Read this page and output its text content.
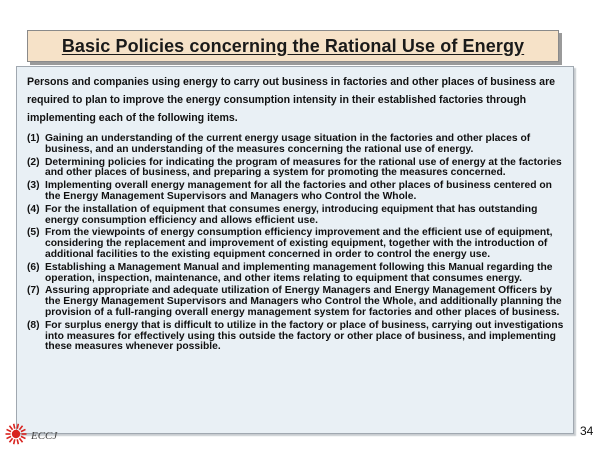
Basic Policies concerning the Rational Use of Energy

Persons and companies using energy to carry out business in factories and other places of business are required to plan to improve the energy consumption intensity in their established factories through implementing each of the following items.

(1) Gaining an understanding of the current energy usage situation in the factories and other places of business, and an understanding of the measures concerning the rational use of energy.
(2) Determining policies for indicating the program of measures for the rational use of energy at the factories and other places of business, and preparing a system for promoting the measures concerned.
(3) Implementing overall energy management for all the factories and other places of business centered on the Energy Management Supervisors and Managers who Control the Whole.
(4) For the installation of equipment that consumes energy, introducing equipment that has outstanding energy consumption efficiency and allows efficient use.
(5) From the viewpoints of energy consumption efficiency improvement and the efficient use of equipment, considering the replacement and improvement of existing equipment, together with the introduction of additional facilities to the existing equipment concerned in order to control the energy use.
(6) Establishing a Management Manual and implementing management following this Manual regarding the operation, inspection, maintenance, and other items relating to equipment that consumes energy.
(7) Assuring appropriate and adequate utilization of Energy Managers and Energy Management Officers by the Energy Management Supervisors and Managers who Control the Whole, and additionally planning the provision of a full-ranging overall energy management system for factories and other places of business.
(8) For surplus energy that is difficult to utilize in the factory or place of business, carrying out investigations into measures for effectively using this outside the factory or other place of business, and implementing these measures whenever possible.
ECCJ	34
